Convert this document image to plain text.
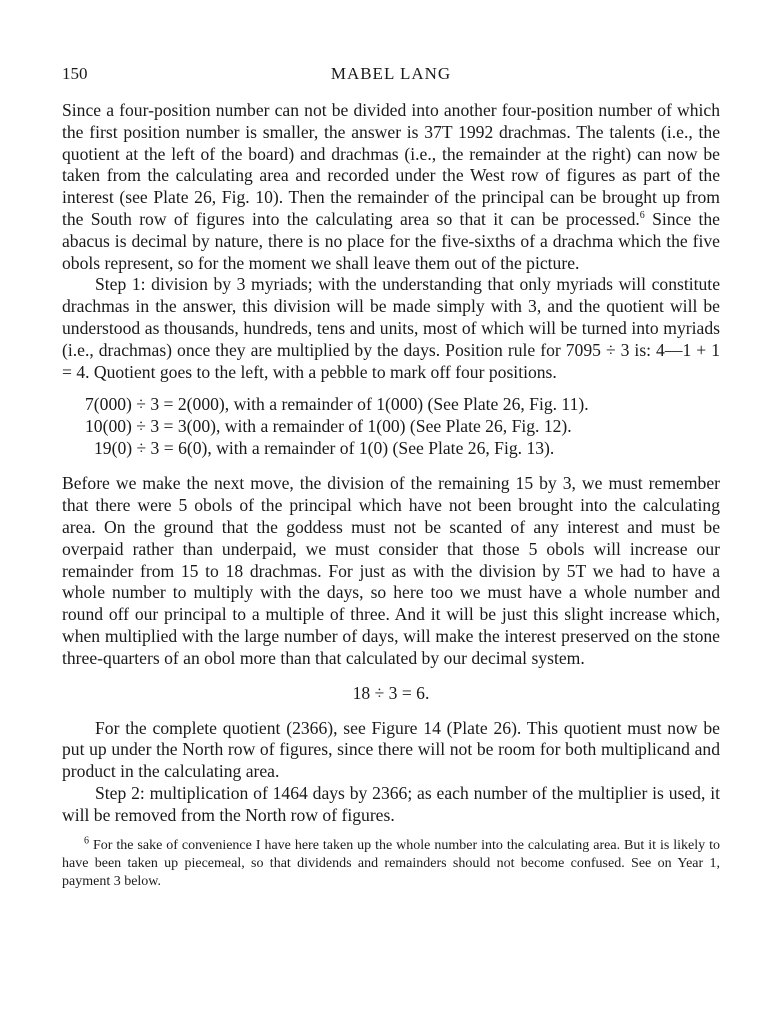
150	MABEL LANG

Since a four-position number can not be divided into another four-position number of which the first position number is smaller, the answer is 37T 1992 drachmas. The talents (i.e., the quotient at the left of the board) and drachmas (i.e., the remainder at the right) can now be taken from the calculating area and recorded under the West row of figures as part of the interest (see Plate 26, Fig. 10). Then the remainder of the principal can be brought up from the South row of figures into the calculating area so that it can be processed.$^6$ Since the abacus is decimal by nature, there is no place for the five-sixths of a drachma which the five obols represent, so for the moment we shall leave them out of the picture.

Step 1: division by 3 myriads; with the understanding that only myriads will constitute drachmas in the answer, this division will be made simply with 3, and the quotient will be understood as thousands, hundreds, tens and units, most of which will be turned into myriads (i.e., drachmas) once they are multiplied by the days. Position rule for 7095 ÷ 3 is: 4—1 + 1 = 4. Quotient goes to the left, with a pebble to mark off four positions.

7(000) ÷ 3 = 2(000), with a remainder of 1(000) (See Plate 26, Fig. 11).
10(00) ÷ 3 = 3(00), with a remainder of 1(00) (See Plate 26, Fig. 12).
19(0) ÷ 3 = 6(0), with a remainder of 1(0) (See Plate 26, Fig. 13).

Before we make the next move, the division of the remaining 15 by 3, we must remember that there were 5 obols of the principal which have not been brought into the calculating area. On the ground that the goddess must not be scanted of any interest and must be overpaid rather than underpaid, we must consider that those 5 obols will increase our remainder from 15 to 18 drachmas. For just as with the division by 5T we had to have a whole number to multiply with the days, so here too we must have a whole number and round off our principal to a multiple of three. And it will be just this slight increase which, when multiplied with the large number of days, will make the interest preserved on the stone three-quarters of an obol more than that calculated by our decimal system.

18 ÷ 3 = 6.

For the complete quotient (2366), see Figure 14 (Plate 26). This quotient must now be put up under the North row of figures, since there will not be room for both multiplicand and product in the calculating area.

Step 2: multiplication of 1464 days by 2366; as each number of the multiplier is used, it will be removed from the North row of figures.

$^6$ For the sake of convenience I have here taken up the whole number into the calculating area. But it is likely to have been taken up piecemeal, so that dividends and remainders should not become confused. See on Year 1, payment 3 below.
